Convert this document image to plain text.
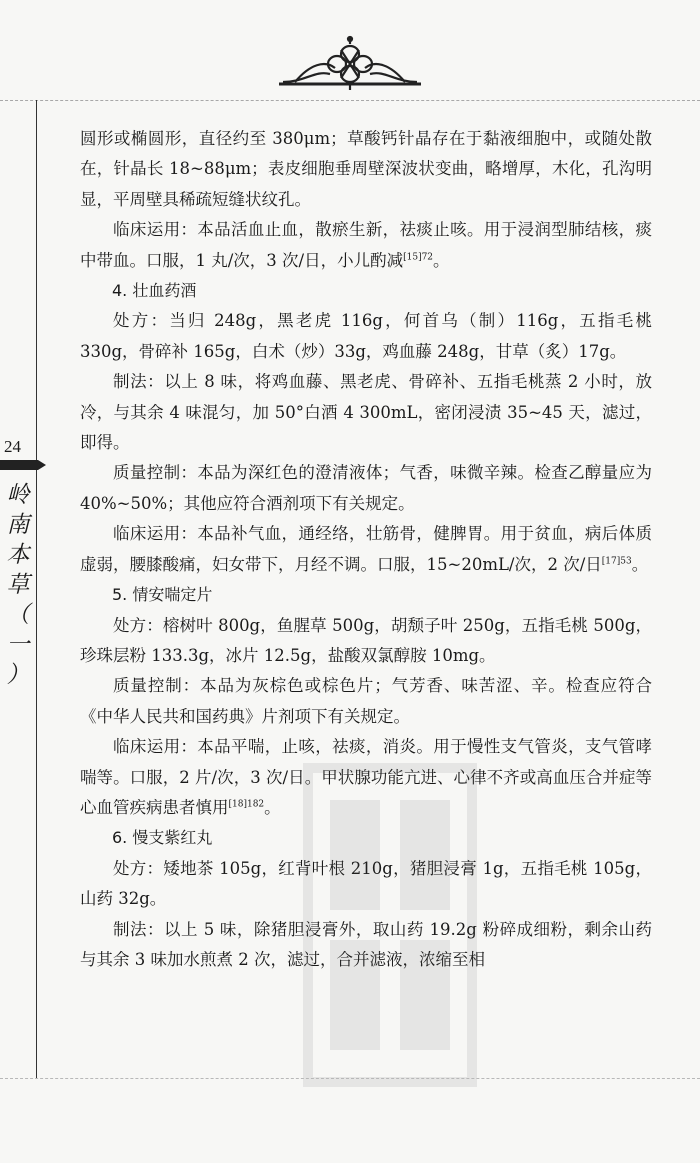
24
岭
南
本
草
（
一
）

圆形或椭圆形，直径约至 380μm；草酸钙针晶存在于黏液细胞中，或随处散在，针晶长 18~88μm；表皮细胞垂周壁深波状变曲，略增厚，木化，孔沟明显，平周壁具稀疏短缝状纹孔。

临床运用：本品活血止血，散瘀生新，祛痰止咳。用于浸润型肺结核，痰中带血。口服，1 丸/次，3 次/日，小儿酌减$^{[15]72}$。

4. 壮血药酒

处方：当归 248g，黑老虎 116g，何首乌（制）116g，五指毛桃 330g，骨碎补 165g，白术（炒）33g，鸡血藤 248g，甘草（炙）17g。

制法：以上 8 味，将鸡血藤、黑老虎、骨碎补、五指毛桃蒸 2 小时，放冷，与其余 4 味混匀，加 50°白酒 4 300mL，密闭浸渍 35~45 天，滤过，即得。

质量控制：本品为深红色的澄清液体；气香，味微辛辣。检查乙醇量应为 40%~50%；其他应符合酒剂项下有关规定。

临床运用：本品补气血，通经络，壮筋骨，健脾胃。用于贫血，病后体质虚弱，腰膝酸痛，妇女带下，月经不调。口服，15~20mL/次，2 次/日$^{[17]53}$。

5. 情安喘定片

处方：榕树叶 800g，鱼腥草 500g，胡颓子叶 250g，五指毛桃 500g，珍珠层粉 133.3g，冰片 12.5g，盐酸双氯醇胺 10mg。

质量控制：本品为灰棕色或棕色片；气芳香、味苦涩、辛。检查应符合《中华人民共和国药典》片剂项下有关规定。

临床运用：本品平喘，止咳，祛痰，消炎。用于慢性支气管炎，支气管哮喘等。口服，2 片/次，3 次/日。甲状腺功能亢进、心律不齐或高血压合并症等心血管疾病患者慎用$^{[18]182}$。

6. 慢支紫红丸

处方：矮地茶 105g，红背叶根 210g，猪胆浸膏 1g，五指毛桃 105g，山药 32g。

制法：以上 5 味，除猪胆浸膏外，取山药 19.2g 粉碎成细粉，剩余山药与其余 3 味加水煎煮 2 次，滤过，合并滤液，浓缩至相
